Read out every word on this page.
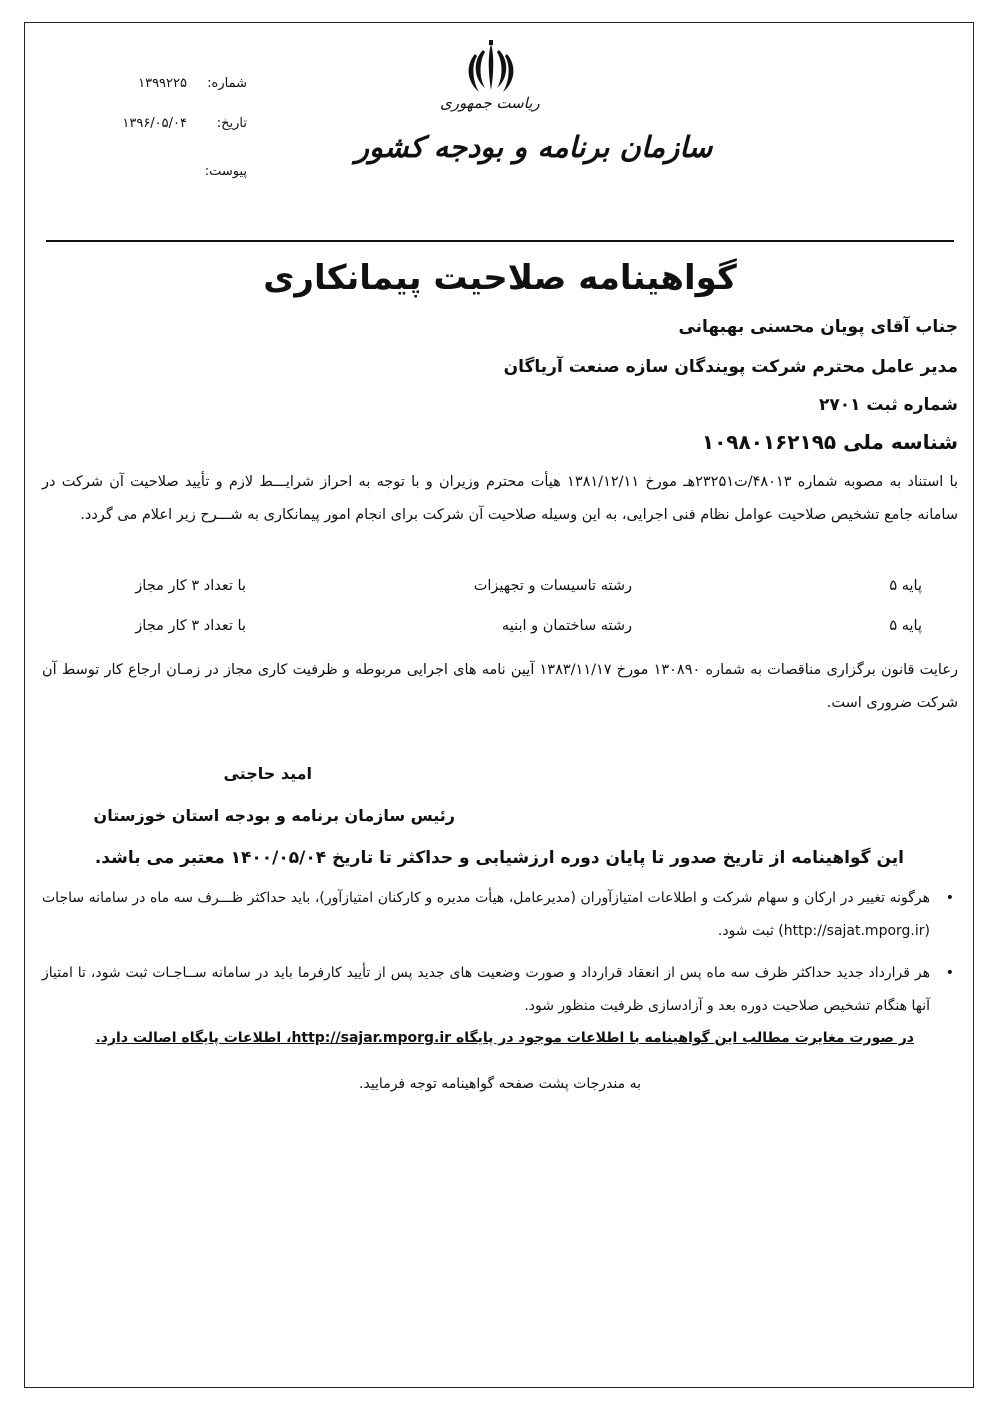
شماره:۱۳۹۹۲۲۵
تاریخ:۱۳۹۶/۰۵/۰۴
پیوست:
ریاست جمهوری
سازمان برنامه و بودجه کشور
گواهینامه صلاحیت پیمانکاری
جناب آقای پویان محسنی بهبهانی
مدیر عامل محترم شرکت پویندگان سازه صنعت آریاگان
شماره ثبت ۲۷۰۱
شناسه ملی ۱۰۹۸۰۱۶۲۱۹۵
با استناد به مصوبه شماره ۴۸۰۱۳/ت۲۳۲۵۱هـ مورخ ۱۳۸۱/۱۲/۱۱ هیأت محترم وزیران و با توجه به احراز شرایـــط لازم و تأیید صلاحیت آن شرکت در سامانه جامع تشخیص صلاحیت عوامل نظام فنی اجرایی، به این وسیله صلاحیت آن شرکت برای انجام امور پیمانکاری به شـــرح زیر اعلام می گردد.
پایه ۵
رشته تاسیسات و تجهیزات
با تعداد ۳ کار مجاز
پایه ۵
رشته ساختمان و ابنیه
با تعداد ۳ کار مجاز
رعایت قانون برگزاری مناقصات به شماره ۱۳۰۸۹۰ مورخ ۱۳۸۳/۱۱/۱۷ آیین نامه های اجرایی مربوطه و ظرفیت کاری مجاز در زمـان ارجاع کار توسط آن شرکت ضروری است.
امید حاجتی
رئیس سازمان برنامه و بودجه استان خوزستان
این گواهینامه از تاریخ صدور تا پایان دوره ارزشیابی و حداکثر تا تاریخ ۱۴۰۰/۰۵/۰۴ معتبر می باشد.
•
هرگونه تغییر در ارکان و سهام شرکت و اطلاعات امتیازآوران (مدیرعامل، هیأت مدیره و کارکنان امتیازآور)، باید حداکثر ظـــرف سه ماه در سامانه ساجات (http://sajat.mporg.ir) ثبت شود.
•
هر قرارداد جدید حداکثر ظرف سه ماه پس از انعقاد قرارداد و صورت وضعیت های جدید پس از تأیید کارفرما باید در سامانه ســاجـات ثبت شود، تا امتیاز آنها هنگام تشخیص صلاحیت دوره بعد و آزادسازی ظرفیت منظور شود.
در صورت مغایرت مطالب این گواهینامه با اطلاعات موجود در پایگاه http://sajar.mporg.ir، اطلاعات پایگاه اصالت دارد.
به مندرجات پشت صفحه گواهینامه توجه فرمایید.
